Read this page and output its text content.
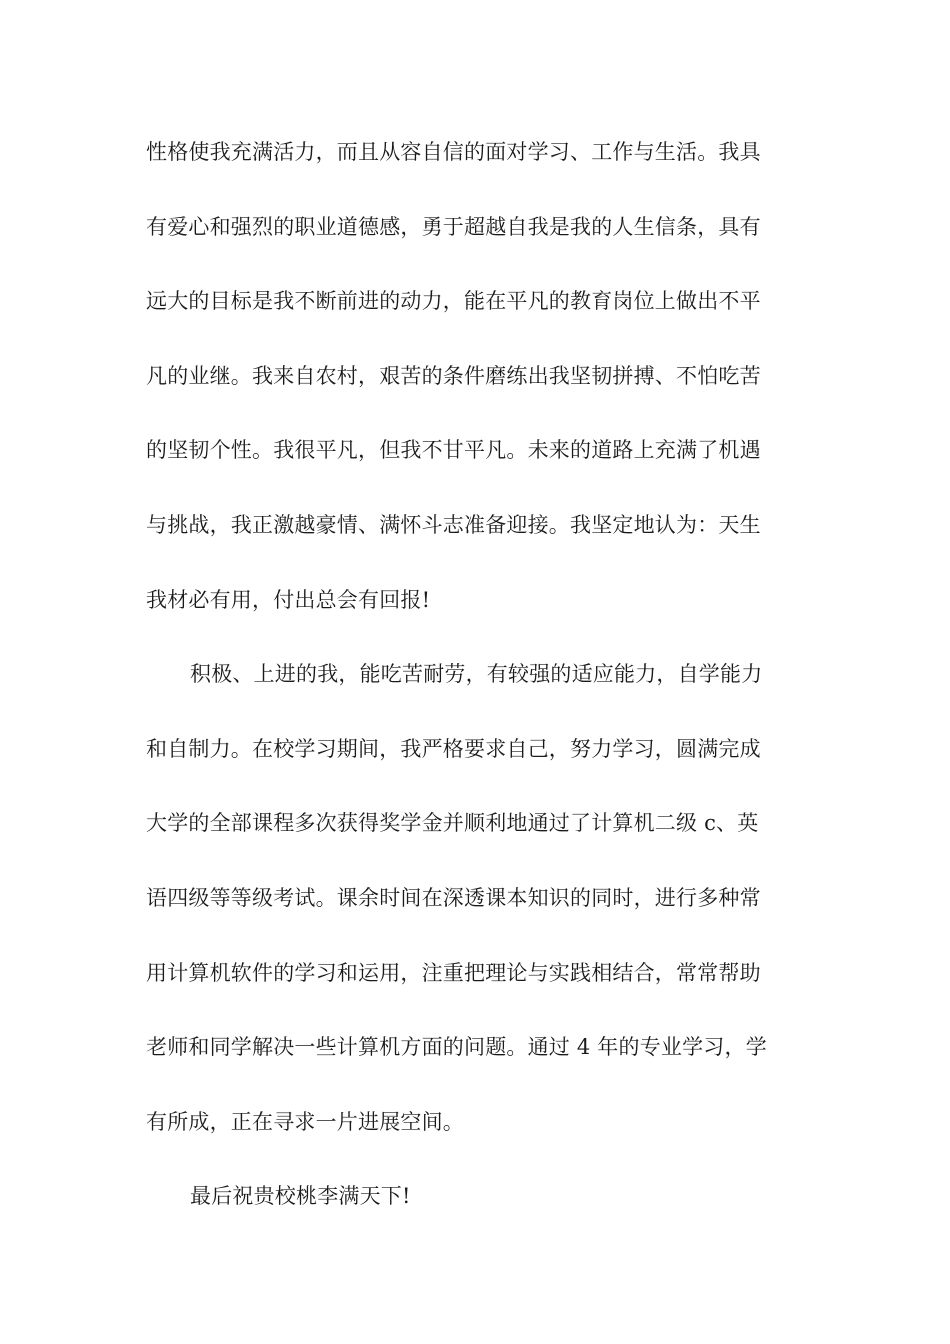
性格使我充满活力，而且从容自信的面对学习、工作与生活。我具
有爱心和强烈的职业道德感，勇于超越自我是我的人生信条，具有
远大的目标是我不断前进的动力，能在平凡的教育岗位上做出不平
凡的业继。我来自农村，艰苦的条件磨练出我坚韧拼搏、不怕吃苦
的坚韧个性。我很平凡，但我不甘平凡。未来的道路上充满了机遇
与挑战，我正激越豪情、满怀斗志准备迎接。我坚定地认为：天生
我材必有用，付出总会有回报!
积极、上进的我，能吃苦耐劳，有较强的适应能力，自学能力
和自制力。在校学习期间，我严格要求自己，努力学习，圆满完成
大学的全部课程多次获得奖学金并顺利地通过了计算机二级 c、英
语四级等等级考试。课余时间在深透课本知识的同时，进行多种常
用计算机软件的学习和运用，注重把理论与实践相结合，常常帮助
老师和同学解决一些计算机方面的问题。通过 4 年的专业学习，学
有所成，正在寻求一片进展空间。
最后祝贵校桃李满天下!
